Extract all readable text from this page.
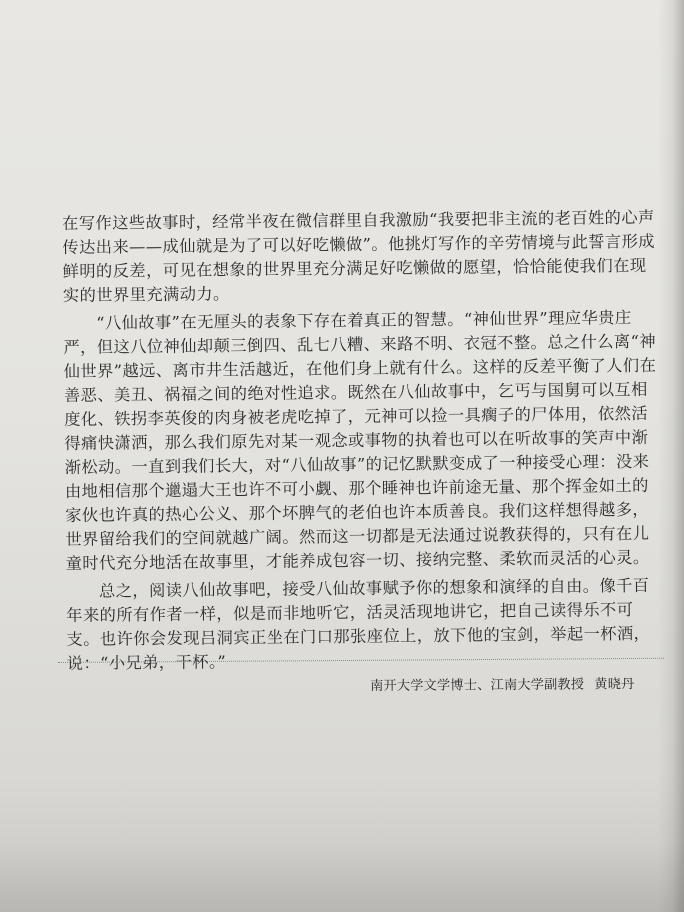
在写作这些故事时，经常半夜在微信群里自我激励“我要把非主流的老百姓的心声传达出来——成仙就是为了可以好吃懒做”。他挑灯写作的辛劳情境与此誓言形成鲜明的反差，可见在想象的世界里充分满足好吃懒做的愿望，恰恰能使我们在现实的世界里充满动力。

“八仙故事”在无厘头的表象下存在着真正的智慧。“神仙世界”理应华贵庄严，但这八位神仙却颠三倒四、乱七八糟、来路不明、衣冠不整。总之什么离“神仙世界”越远、离市井生活越近，在他们身上就有什么。这样的反差平衡了人们在善恶、美丑、祸福之间的绝对性追求。既然在八仙故事中，乞丐与国舅可以互相度化、铁拐李英俊的肉身被老虎吃掉了，元神可以捡一具瘸子的尸体用，依然活得痛快潇洒，那么我们原先对某一观念或事物的执着也可以在听故事的笑声中渐渐松动。一直到我们长大，对“八仙故事”的记忆默默变成了一种接受心理：没来由地相信那个邋遢大王也许不可小觑、那个睡神也许前途无量、那个挥金如土的家伙也许真的热心公义、那个坏脾气的老伯也许本质善良。我们这样想得越多，世界留给我们的空间就越广阔。然而这一切都是无法通过说教获得的，只有在儿童时代充分地活在故事里，才能养成包容一切、接纳完整、柔软而灵活的心灵。

总之，阅读八仙故事吧，接受八仙故事赋予你的想象和演绎的自由。像千百年来的所有作者一样，似是而非地听它，活灵活现地讲它，把自己读得乐不可支。也许你会发现吕洞宾正坐在门口那张座位上，放下他的宝剑，举起一杯酒，说：“小兄弟，干杯。”

南开大学文学博士、江南大学副教授 黄晓丹
